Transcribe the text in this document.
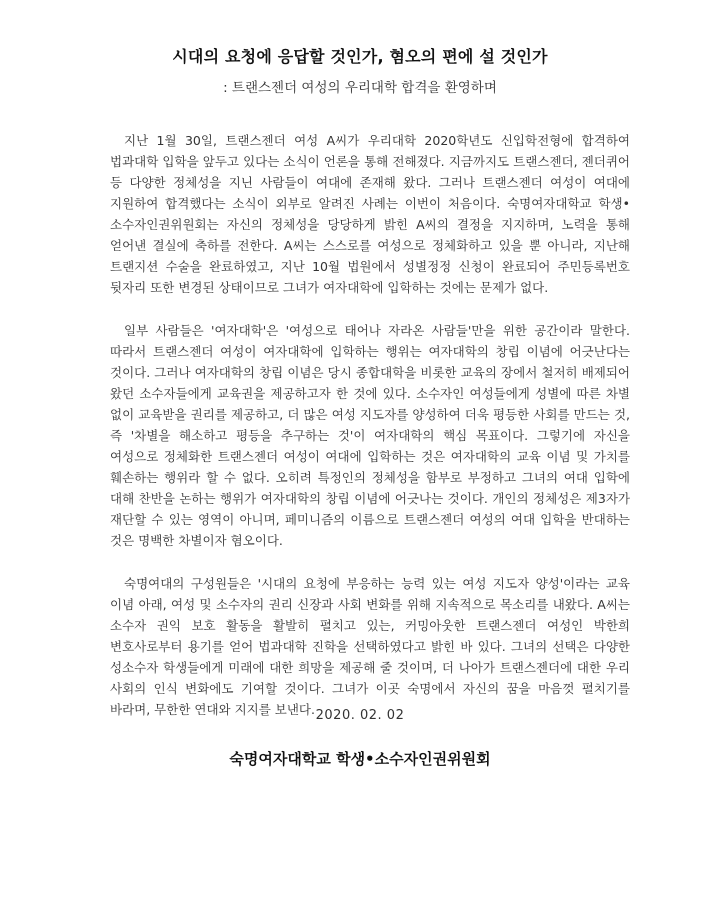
시대의 요청에 응답할 것인가, 혐오의 편에 설 것인가
: 트랜스젠더 여성의 우리대학 합격을 환영하며

지난 1월 30일, 트랜스젠더 여성 A씨가 우리대학 2020학년도 신입학전형에 합격하여 법과대학 입학을 앞두고 있다는 소식이 언론을 통해 전해졌다. 지금까지도 트랜스젠더, 젠더퀴어 등 다양한 정체성을 지닌 사람들이 여대에 존재해 왔다. 그러나 트랜스젠더 여성이 여대에 지원하여 합격했다는 소식이 외부로 알려진 사례는 이번이 처음이다. 숙명여자대학교 학생•소수자인권위원회는 자신의 정체성을 당당하게 밝힌 A씨의 결정을 지지하며, 노력을 통해 얻어낸 결실에 축하를 전한다. A씨는 스스로를 여성으로 정체화하고 있을 뿐 아니라, 지난해 트랜지션 수술을 완료하였고, 지난 10월 법원에서 성별정정 신청이 완료되어 주민등록번호 뒷자리 또한 변경된 상태이므로 그녀가 여자대학에 입학하는 것에는 문제가 없다.

일부 사람들은 '여자대학'은 '여성으로 태어나 자라온 사람들'만을 위한 공간이라 말한다. 따라서 트랜스젠더 여성이 여자대학에 입학하는 행위는 여자대학의 창립 이념에 어긋난다는 것이다. 그러나 여자대학의 창립 이념은 당시 종합대학을 비롯한 교육의 장에서 철저히 배제되어 왔던 소수자들에게 교육권을 제공하고자 한 것에 있다. 소수자인 여성들에게 성별에 따른 차별 없이 교육받을 권리를 제공하고, 더 많은 여성 지도자를 양성하여 더욱 평등한 사회를 만드는 것, 즉 '차별을 해소하고 평등을 추구하는 것'이 여자대학의 핵심 목표이다. 그렇기에 자신을 여성으로 정체화한 트랜스젠더 여성이 여대에 입학하는 것은 여자대학의 교육 이념 및 가치를 훼손하는 행위라 할 수 없다. 오히려 특정인의 정체성을 함부로 부정하고 그녀의 여대 입학에 대해 찬반을 논하는 행위가 여자대학의 창립 이념에 어긋나는 것이다. 개인의 정체성은 제3자가 재단할 수 있는 영역이 아니며, 페미니즘의 이름으로 트랜스젠더 여성의 여대 입학을 반대하는 것은 명백한 차별이자 혐오이다.

숙명여대의 구성원들은 '시대의 요청에 부응하는 능력 있는 여성 지도자 양성'이라는 교육 이념 아래, 여성 및 소수자의 권리 신장과 사회 변화를 위해 지속적으로 목소리를 내왔다. A씨는 소수자 권익 보호 활동을 활발히 펼치고 있는, 커밍아웃한 트랜스젠더 여성인 박한희 변호사로부터 용기를 얻어 법과대학 진학을 선택하였다고 밝힌 바 있다. 그녀의 선택은 다양한 성소수자 학생들에게 미래에 대한 희망을 제공해 줄 것이며, 더 나아가 트랜스젠더에 대한 우리 사회의 인식 변화에도 기여할 것이다. 그녀가 이곳 숙명에서 자신의 꿈을 마음껏 펼치기를 바라며, 무한한 연대와 지지를 보낸다. 2020. 02. 02
숙명여자대학교 학생•소수자인권위원회
